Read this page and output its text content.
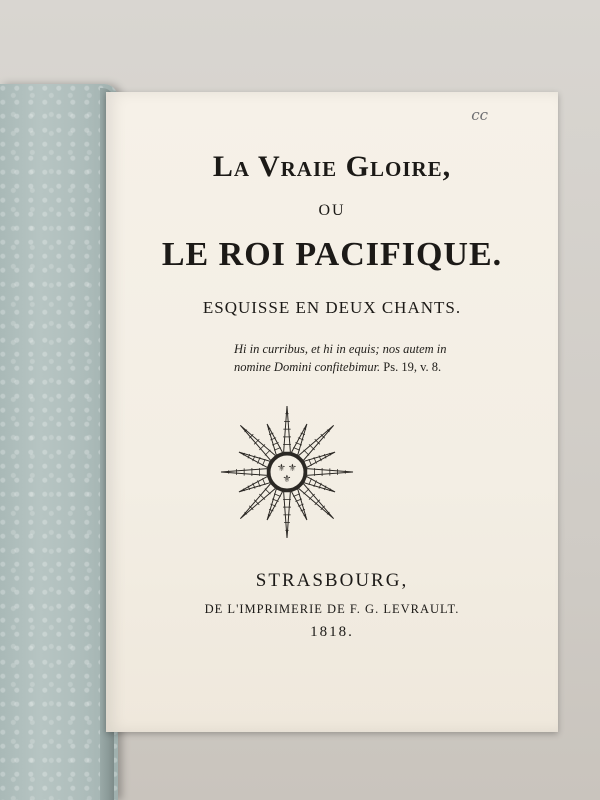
cc
La Vraie Gloire,
OU
LE ROI PACIFIQUE.
ESQUISSE EN DEUX CHANTS.
Hi in curribus, et hi in equis; nos autem in
nomine Domini confitebimur. Ps. 19, v. 8.
⚜ ⚜
⚜
STRASBOURG,
DE L'IMPRIMERIE DE F. G. LEVRAULT.
1818.
